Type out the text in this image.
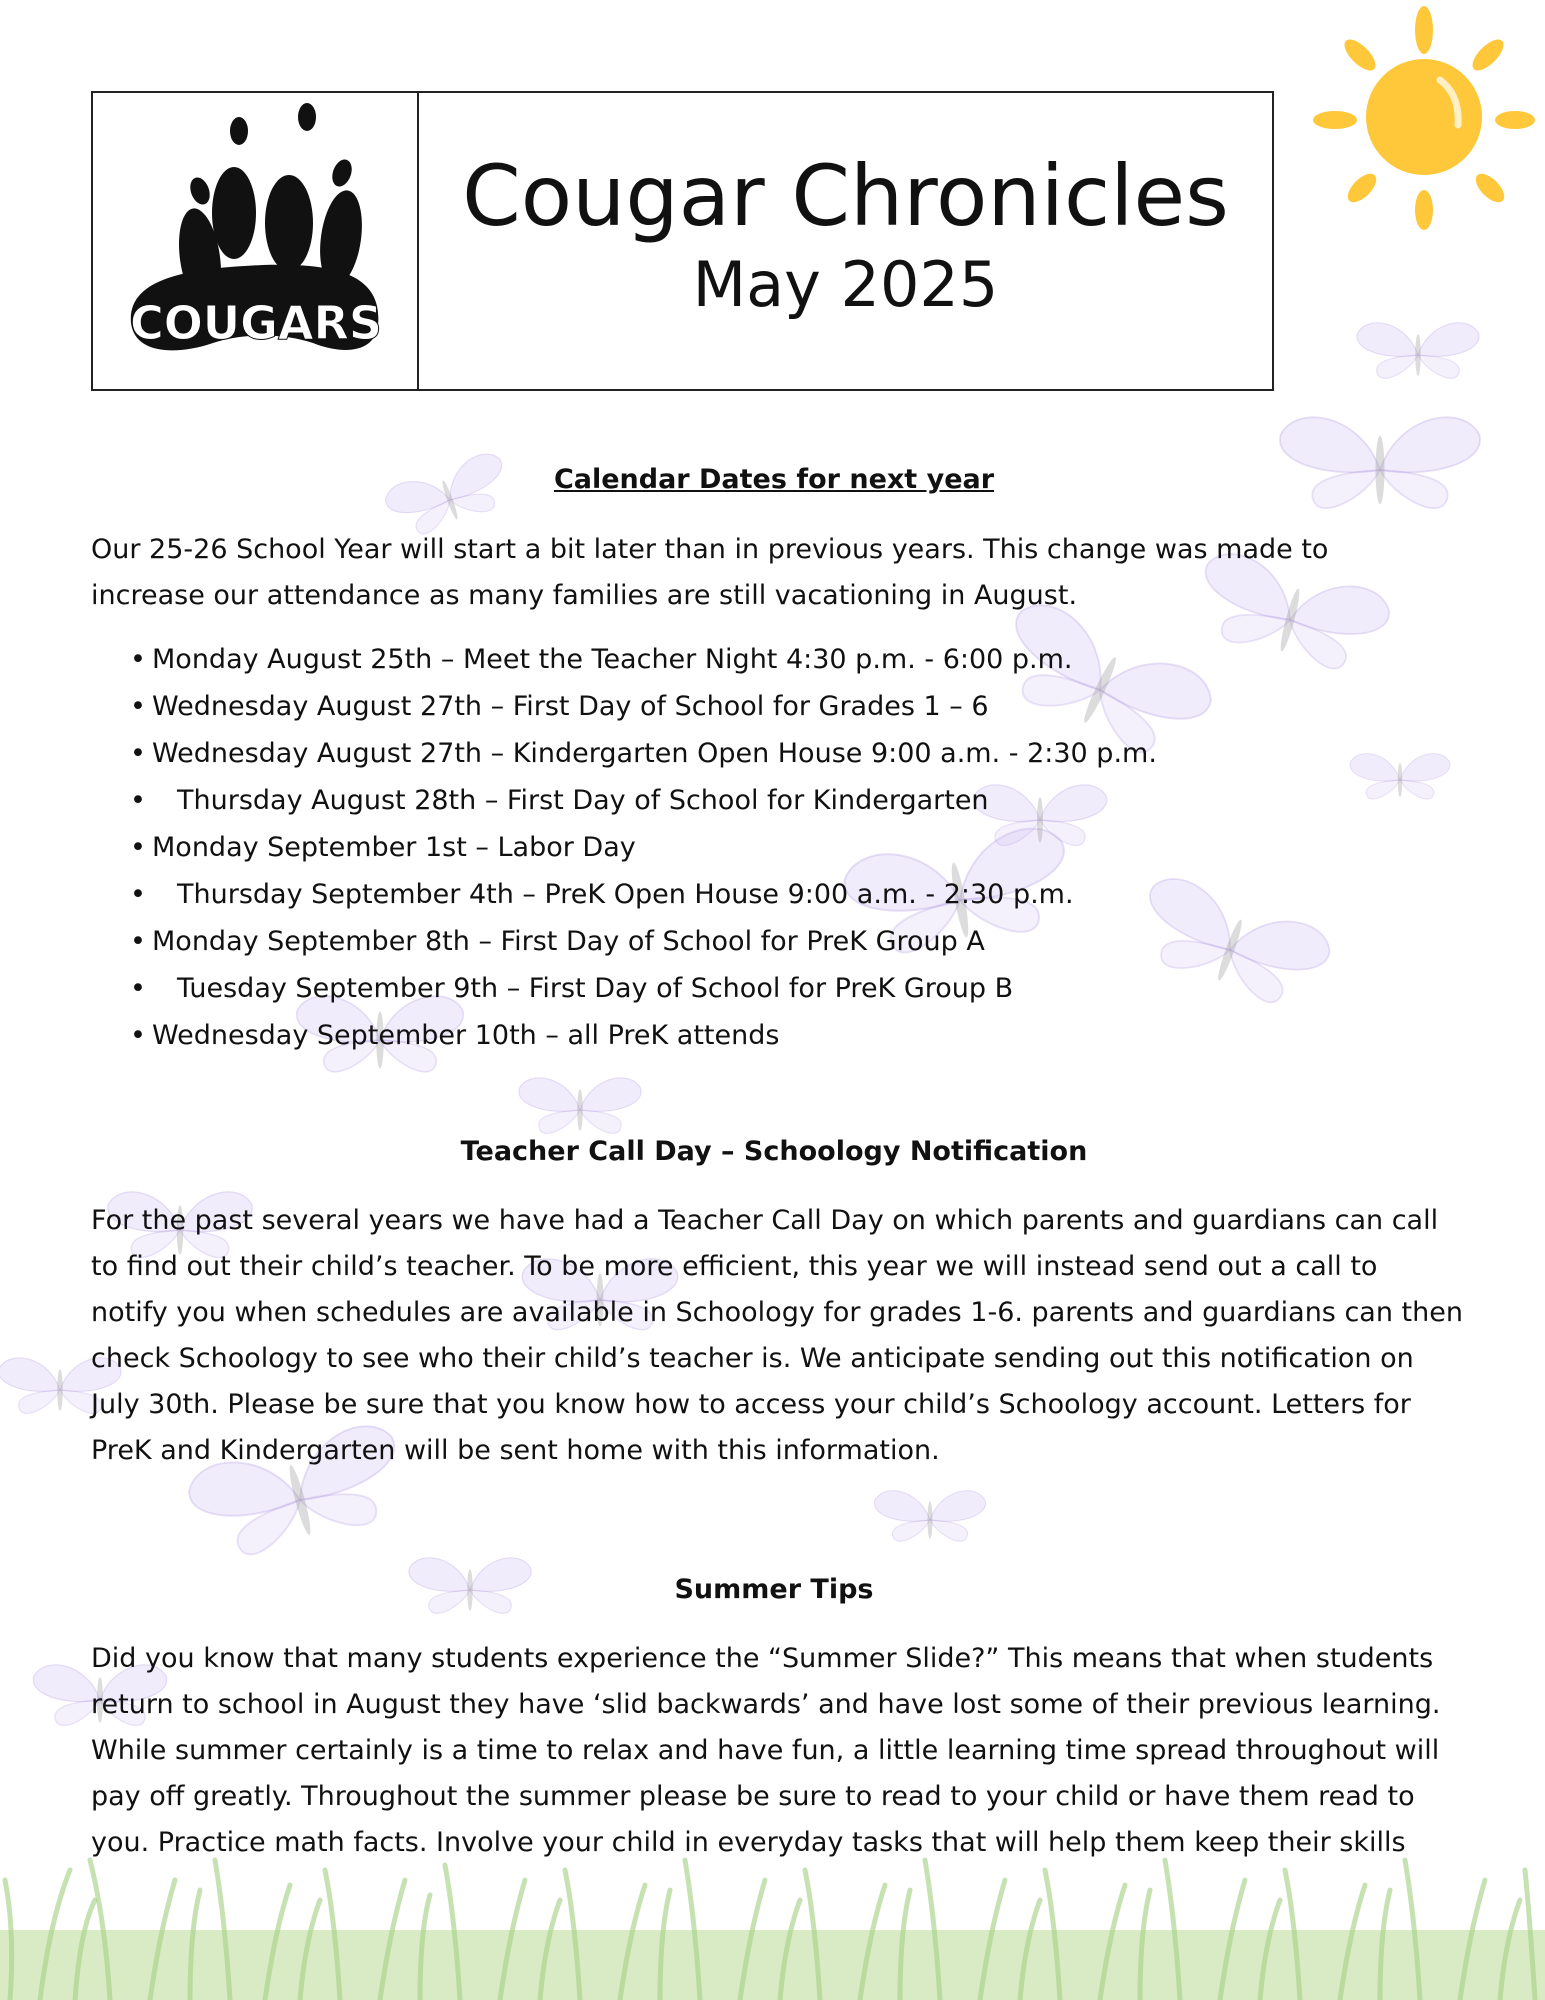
COUGARS
Cougar Chronicles
May 2025
Calendar Dates for next year

Our 25-26 School Year will start a bit later than in previous years. This change was made to
increase our attendance as many families are still vacationing in August.

• Monday August 25th – Meet the Teacher Night 4:30 p.m. - 6:00 p.m.
• Wednesday August 27th – First Day of School for Grades 1 – 6
• Wednesday August 27th – Kindergarten Open House 9:00 a.m. - 2:30 p.m.
• Thursday August 28th – First Day of School for Kindergarten
• Monday September 1st – Labor Day
• Thursday September 4th – PreK Open House 9:00 a.m. - 2:30 p.m.
• Monday September 8th – First Day of School for PreK Group A
• Tuesday September 9th – First Day of School for PreK Group B
• Wednesday September 10th – all PreK attends
Teacher Call Day – Schoology Notification

For the past several years we have had a Teacher Call Day on which parents and guardians can call
to find out their child’s teacher. To be more efficient, this year we will instead send out a call to
notify you when schedules are available in Schoology for grades 1-6. parents and guardians can then
check Schoology to see who their child’s teacher is. We anticipate sending out this notification on
July 30th. Please be sure that you know how to access your child’s Schoology account. Letters for
PreK and Kindergarten will be sent home with this information.

Summer Tips

Did you know that many students experience the “Summer Slide?” This means that when students
return to school in August they have ‘slid backwards’ and have lost some of their previous learning.
While summer certainly is a time to relax and have fun, a little learning time spread throughout will
pay off greatly. Throughout the summer please be sure to read to your child or have them read to
you. Practice math facts. Involve your child in everyday tasks that will help them keep their skills
